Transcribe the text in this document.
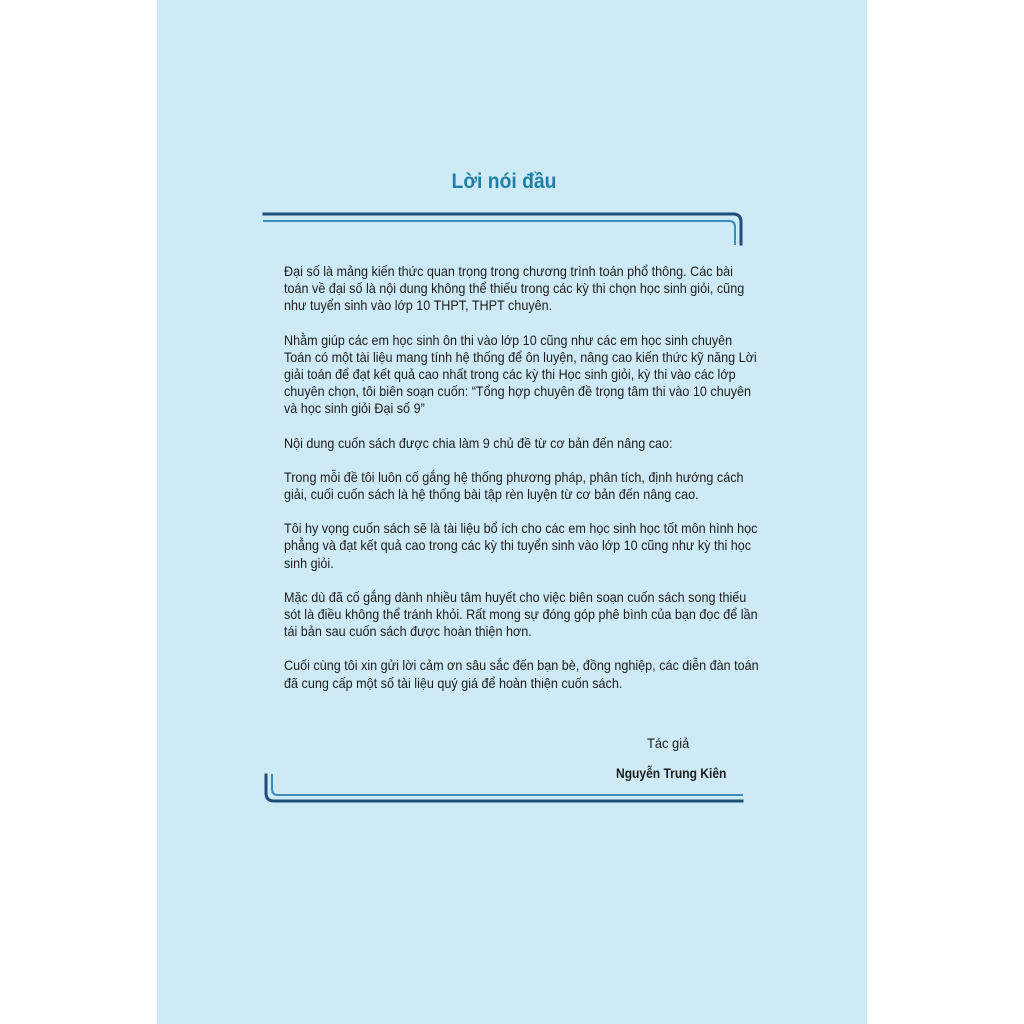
Lời nói đầu

Đại số là mảng kiến thức quan trọng trong chương trình toán phổ thông. Các bài toán về đại số là nội dung không thể thiếu trong các kỳ thi chọn học sinh giỏi, cũng như tuyển sinh vào lớp 10 THPT, THPT chuyên.

Nhằm giúp các em học sinh ôn thi vào lớp 10 cũng như các em học sinh chuyên Toán có một tài liệu mang tính hệ thống để ôn luyện, nâng cao kiến thức kỹ năng Lời giải toán để đạt kết quả cao nhất trong các kỳ thi Học sinh giỏi, kỳ thi vào các lớp chuyên chọn, tôi biên soạn cuốn: “Tổng hợp chuyên đề trọng tâm thi vào 10 chuyên và học sinh giỏi Đại số 9”

Nội dung cuốn sách được chia làm 9 chủ đề từ cơ bản đến nâng cao:

Trong mỗi đề tôi luôn cố gắng hệ thống phương pháp, phân tích, định hướng cách giải, cuối cuốn sách là hệ thống bài tập rèn luyện từ cơ bản đến nâng cao.

Tôi hy vọng cuốn sách sẽ là tài liệu bổ ích cho các em học sinh học tốt môn hình học phẳng và đạt kết quả cao trong các kỳ thi tuyển sinh vào lớp 10 cũng như kỳ thi học sinh giỏi.

Mặc dù đã cố gắng dành nhiều tâm huyết cho việc biên soạn cuốn sách song thiếu sót là điều không thể tránh khỏi. Rất mong sự đóng góp phê bình của bạn đọc để lần tái bản sau cuốn sách được hoàn thiện hơn.

Cuối cùng tôi xin gửi lời cảm ơn sâu sắc đến bạn bè, đồng nghiệp, các diễn đàn toán đã cung cấp một số tài liệu quý giá để hoàn thiện cuốn sách.

Tác giả
Nguyễn Trung Kiên
